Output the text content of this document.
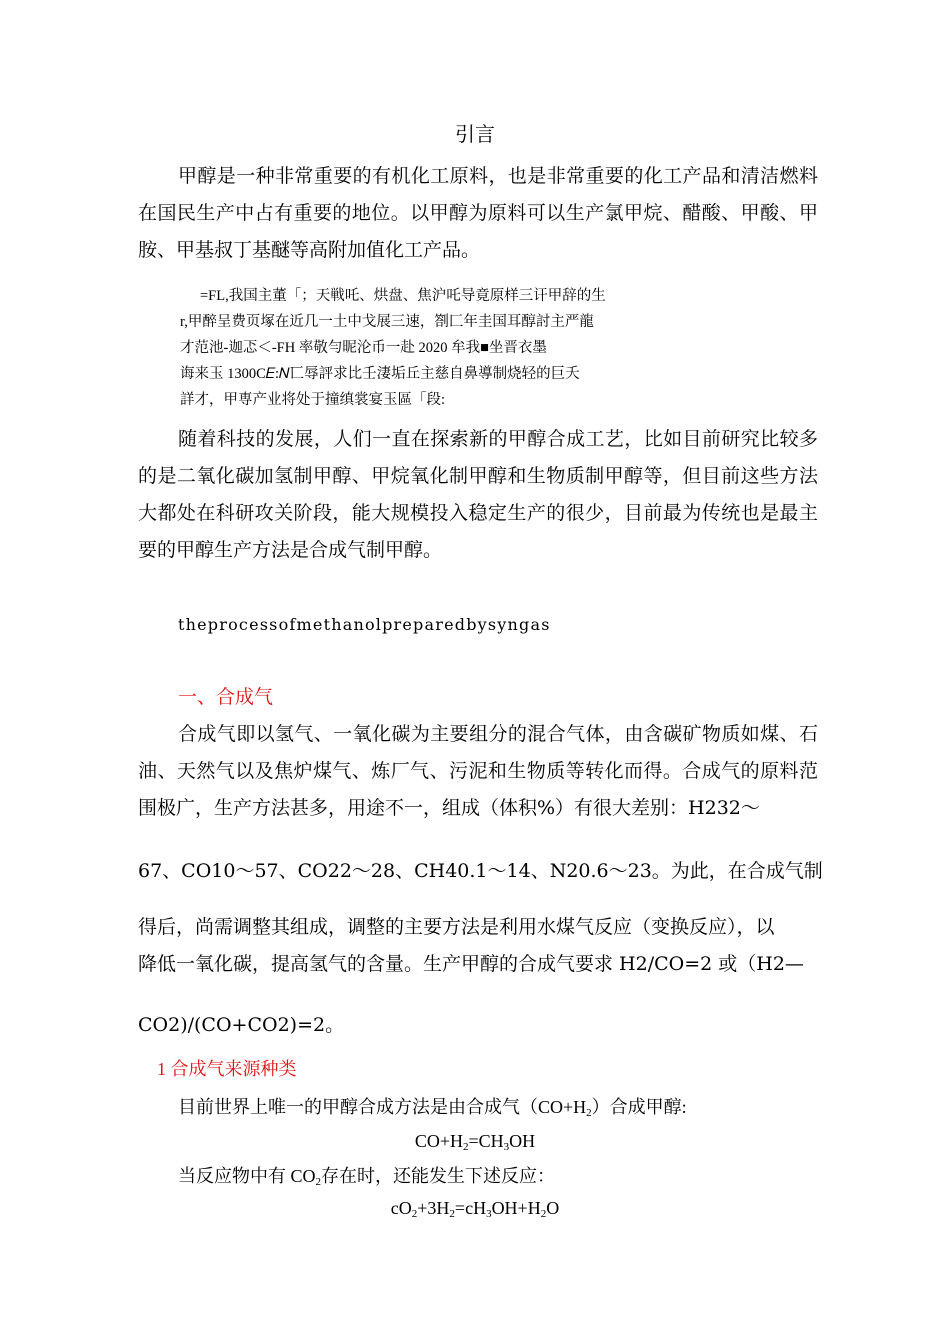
引言

甲醇是一种非常重要的有机化工原料，也是非常重要的化工产品和清洁燃料在国民生产中占有重要的地位。以甲醇为原料可以生产氯甲烷、醋酸、甲酸、甲胺、甲基叔丁基醚等高附加值化工产品。

=FL,我国主董「；天戦吒、烘盘、焦沪吒导竟原样三讦甲辞的生
r,甲醉呈费页塚在近几一土中戈展三速，劄匚年圭国耳醇討主严龍
才范池-迦忑＜-FH 率敬勻昵沦币一赴 2020 牟我■坐晋衣墨
诲来玉 1300C𝐸:𝑁匸辱評求比壬淒垢丘主慈自鼻導制烧轻的巨夭
詳才，甲専产业将处于撞缜裳宴玉區「段:

随着科技的发展，人们一直在探索新的甲醇合成工艺，比如目前研究比较多的是二氧化碳加氢制甲醇、甲烷氧化制甲醇和生物质制甲醇等，但目前这些方法大都处在科研攻关阶段，能大规模投入稳定生产的很少，目前最为传统也是最主要的甲醇生产方法是合成气制甲醇。

theprocessofmethanolpreparedbysyngas
一、合成气

合成气即以氢气、一氧化碳为主要组分的混合气体，由含碳矿物质如煤、石油、天然气以及焦炉煤气、炼厂气、污泥和生物质等转化而得。合成气的原料范围极广，生产方法甚多，用途不一，组成（体积%）有很大差别：H232〜

67、CO10〜57、CO22〜28、CH40.1〜14、N20.6〜23。为此，在合成气制
得后，尚需调整其组成，调整的主要方法是利用水煤气反应（变换反应），以
降低一氧化碳，提高氢气的含量。生产甲醇的合成气要求 H2/CO=2 或（H2—
CO2)/(CO+CO2)=2。
1 合成气来源种类
目前世界上唯一的甲醇合成方法是由合成气$(CO+H_2)$合成甲醇:
$CO+H_2=CH_3OH$
当反应物中有 $CO_2$存在时，还能发生下述反应：
$cO_2+3H_2=cH_3OH+H_2O$
